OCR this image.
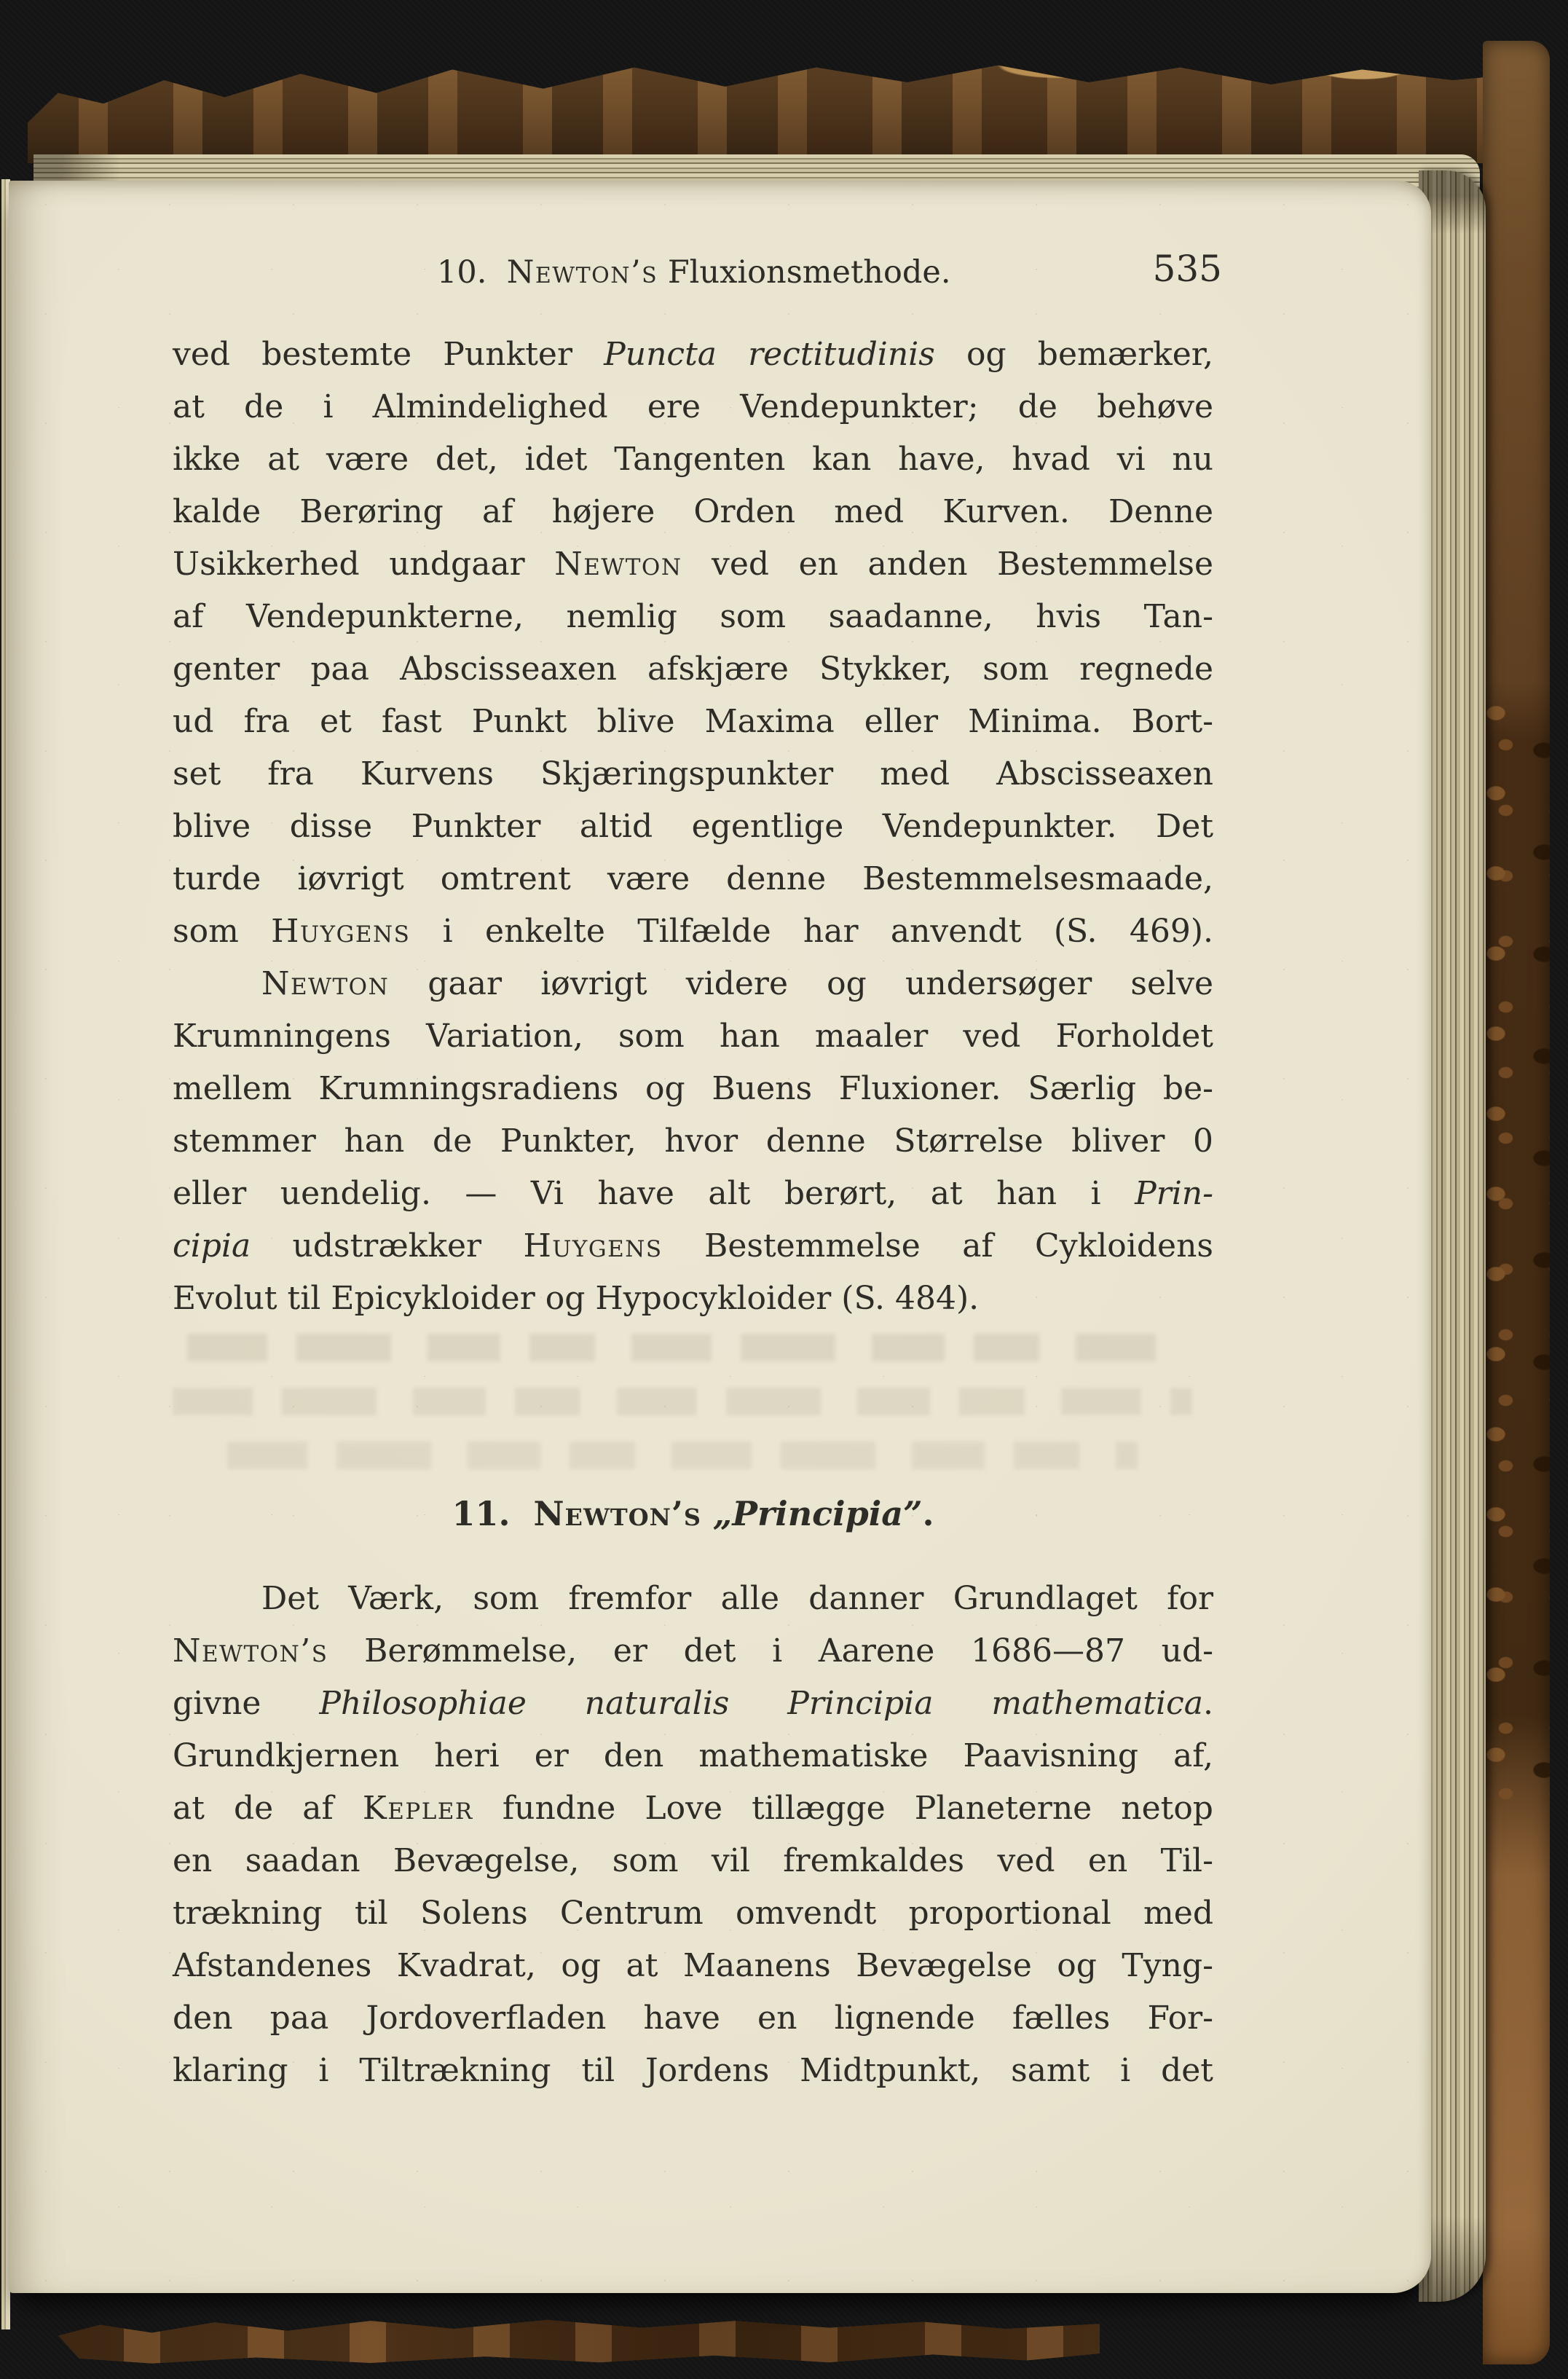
10.  Newton’s Fluxionsmethode.	535
ved bestemte Punkter Puncta rectitudinis og bemærker,
at de i Almindelighed ere Vendepunkter; de behøve
ikke at være det, idet Tangenten kan have, hvad vi nu
kalde Berøring af højere Orden med Kurven. Denne
Usikkerhed undgaar Newton ved en anden Bestemmelse
af Vendepunkterne, nemlig som saadanne, hvis Tan-
genter paa Abscisseaxen afskjære Stykker, som regnede
ud fra et fast Punkt blive Maxima eller Minima. Bort-
set fra Kurvens Skjæringspunkter med Abscisseaxen
blive disse Punkter altid egentlige Vendepunkter. Det
turde iøvrigt omtrent være denne Bestemmelsesmaade,
som Huygens i enkelte Tilfælde har anvendt (S. 469).
Newton gaar iøvrigt videre og undersøger selve
Krumningens Variation, som han maaler ved Forholdet
mellem Krumningsradiens og Buens Fluxioner. Særlig be-
stemmer han de Punkter, hvor denne Størrelse bliver 0
eller uendelig. — Vi have alt berørt, at han i Prin-
cipia udstrækker Huygens Bestemmelse af Cykloidens
Evolut til Epicykloider og Hypocykloider (S. 484).
11.  Newton’s „Principia”.
Det Værk, som fremfor alle danner Grundlaget for
Newton’s Berømmelse, er det i Aarene 1686—87 ud-
givne Philosophiae naturalis Principia mathematica.
Grundkjernen heri er den mathematiske Paavisning af,
at de af Kepler fundne Love tillægge Planeterne netop
en saadan Bevægelse, som vil fremkaldes ved en Til-
trækning til Solens Centrum omvendt proportional med
Afstandenes Kvadrat, og at Maanens Bevægelse og Tyng-
den paa Jordoverfladen have en lignende fælles For-
klaring i Tiltrækning til Jordens Midtpunkt, samt i det
